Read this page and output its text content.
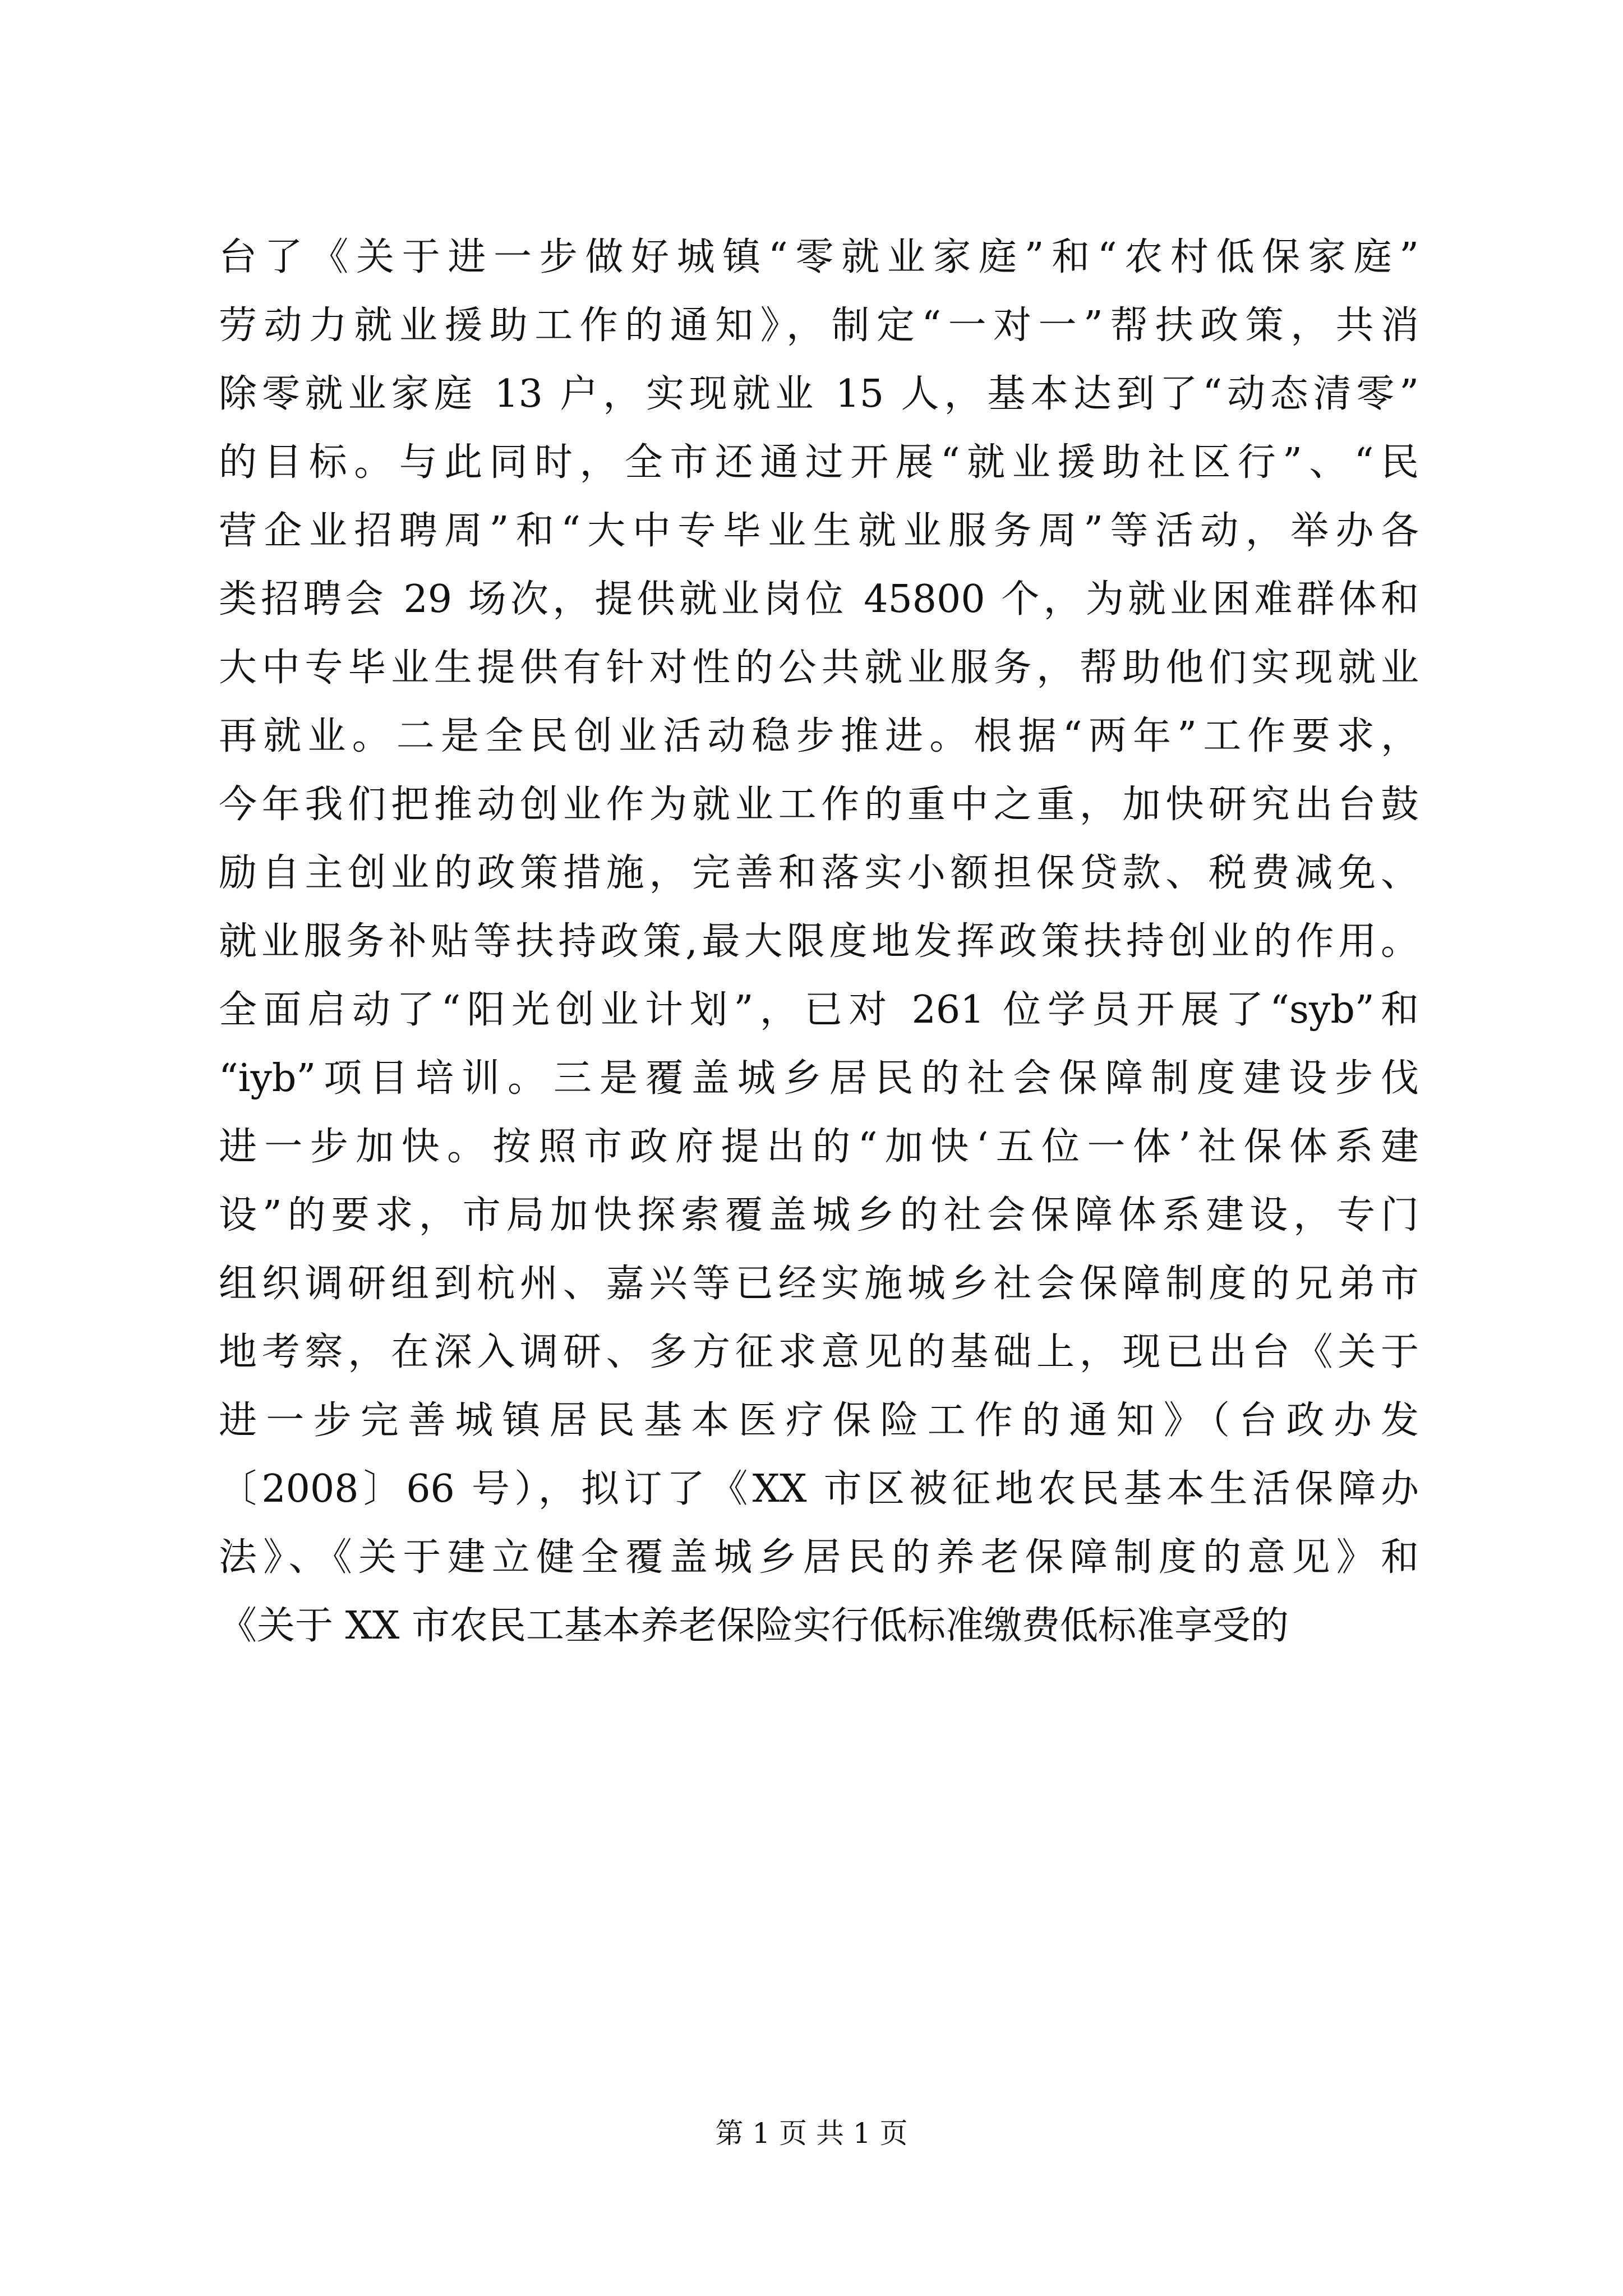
台了《关于进一步做好城镇“零就业家庭”和“农村低保家庭”
劳动力就业援助工作的通知》，制定“一对一”帮扶政策，共消
除零就业家庭 13 户，实现就业 15 人，基本达到了“动态清零”
的目标。与此同时，全市还通过开展“就业援助社区行”、“民
营企业招聘周”和“大中专毕业生就业服务周”等活动，举办各
类招聘会 29 场次，提供就业岗位 45800 个，为就业困难群体和
大中专毕业生提供有针对性的公共就业服务，帮助他们实现就业
再就业。二是全民创业活动稳步推进。根据“两年”工作要求，
今年我们把推动创业作为就业工作的重中之重，加快研究出台鼓
励自主创业的政策措施，完善和落实小额担保贷款、税费减免、
就业服务补贴等扶持政策,最大限度地发挥政策扶持创业的作用。
全面启动了“阳光创业计划”，已对 261 位学员开展了“syb”和
“iyb”项目培训。三是覆盖城乡居民的社会保障制度建设步伐
进一步加快。按照市政府提出的“加快‘五位一体’社保体系建
设”的要求，市局加快探索覆盖城乡的社会保障体系建设，专门
组织调研组到杭州、嘉兴等已经实施城乡社会保障制度的兄弟市
地考察，在深入调研、多方征求意见的基础上，现已出台《关于
进一步完善城镇居民基本医疗保险工作的通知》（台政办发
〔2008〕66 号），拟订了《XX 市区被征地农民基本生活保障办
法》、《关于建立健全覆盖城乡居民的养老保障制度的意见》和
《关于 XX 市农民工基本养老保险实行低标准缴费低标准享受的
第 1 页 共 1 页
